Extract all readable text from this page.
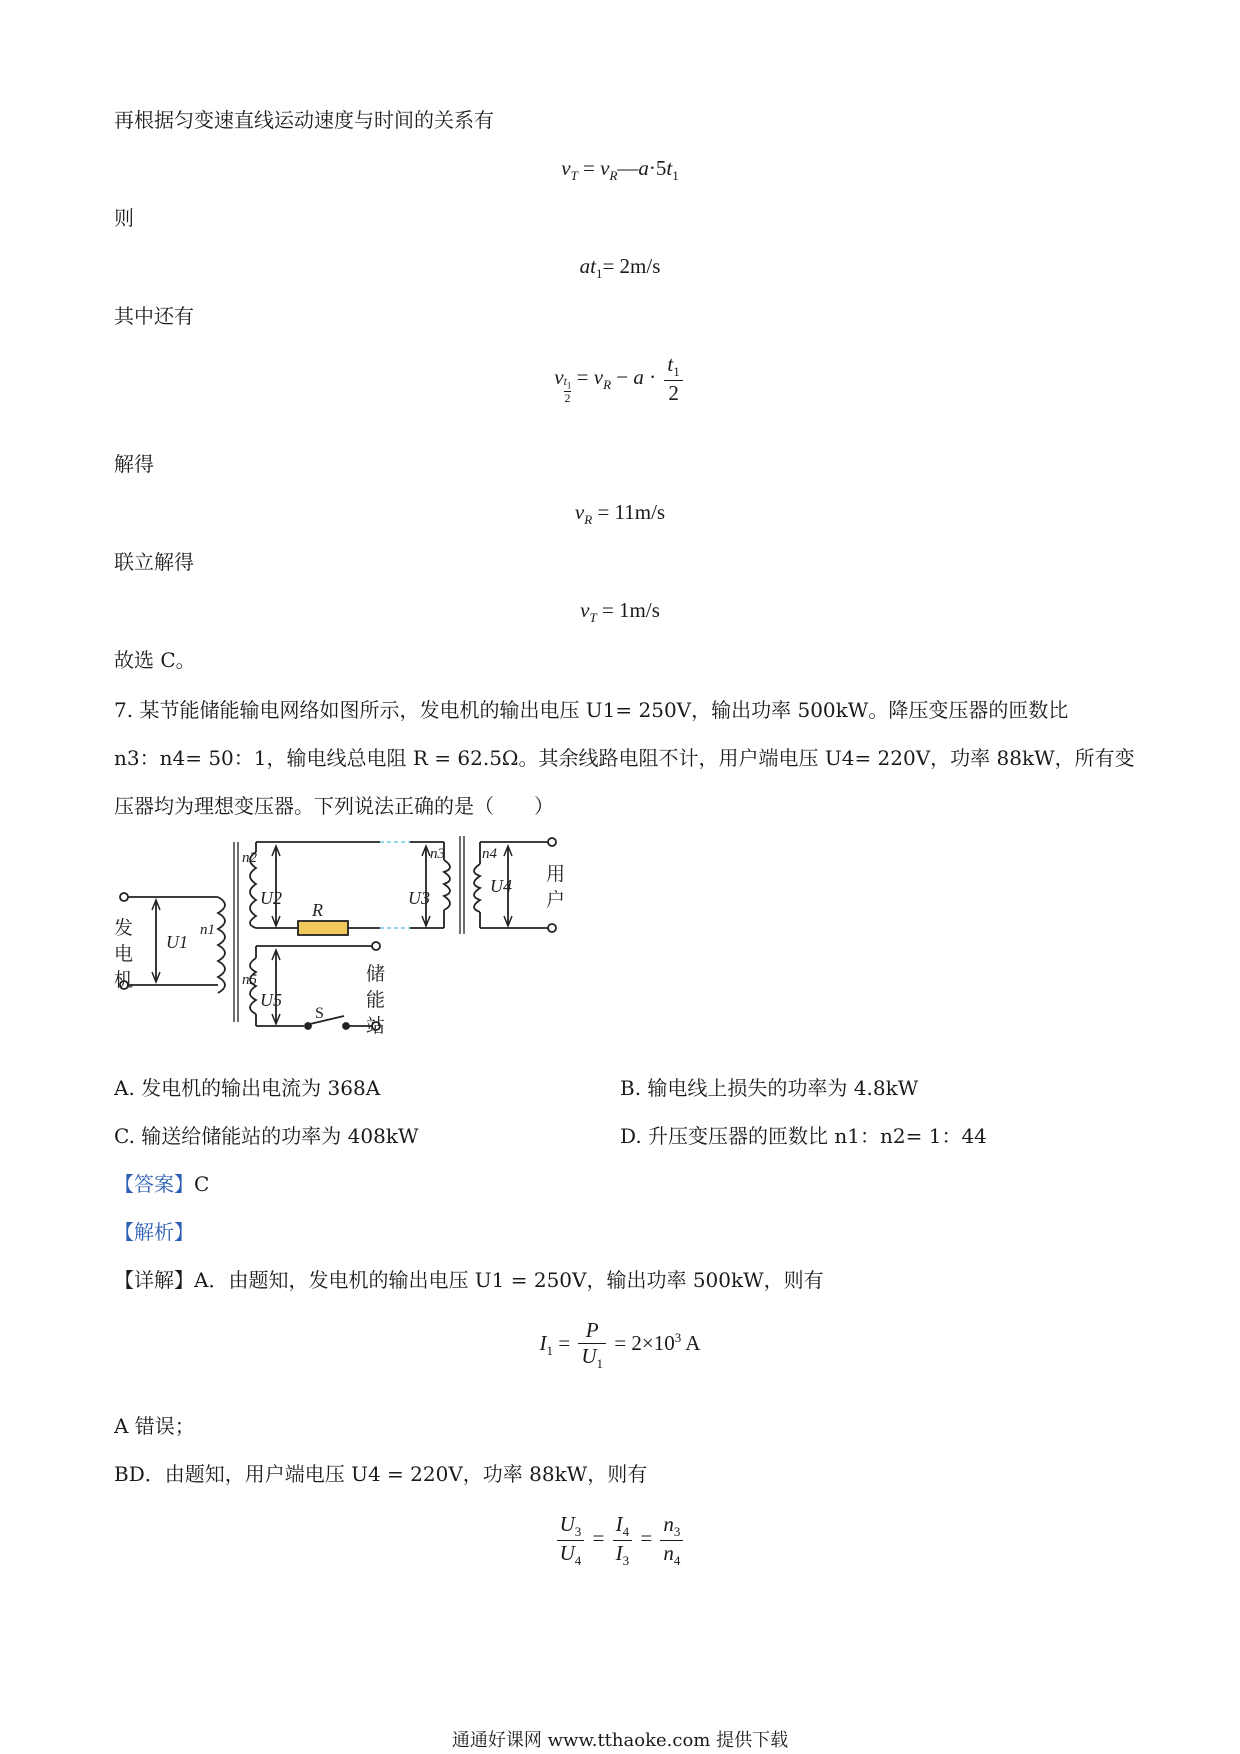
再根据匀变速直线运动速度与时间的关系有
$v_T$ = $v_R—a\cdot 5t_1$
则
$at_1= 2m/s$
其中还有
v $\frac{t_1}{2} = v_R - a \cdot \frac{t_1}{2}$
解得
$v_R = 11m/s$
联立解得
$v_T = 1m/s$
故选 C。
7. 某节能储能输电网络如图所示，发电机的输出电压 U1= 250V，输出功率 500kW。降压变压器的匝数比
n3：n4= 50：1，输电线总电阻 R = 62.5Ω。其余线路电阻不计，用户端电压 U4= 220V，功率 88kW，所有变
压器均为理想变压器。下列说法正确的是（　　）
U1
n1
n2
U2
R
U3
n3 n4
U4
n5
U5
S
发
电
机
用
户
储
能
站
A. 发电机的输出电流为 368A	B. 输电线上损失的功率为 4.8kW
C. 输送给储能站的功率为 408kW	D. 升压变压器的匝数比 n1：n2= 1：44
【答案】C
【解析】
【详解】A．由题知，发电机的输出电压 U1 = 250V，输出功率 500kW，则有
$I_1 = \frac{P}{U_1} = 2\times 10^3$ A
A 错误；
BD．由题知，用户端电压 U4 = 220V，功率 88kW，则有
$\frac{U_3}{U_4} = \frac{I_4}{I_3} = \frac{n_3}{n_4}$
通通好课网 www.tthaoke.com 提供下载
